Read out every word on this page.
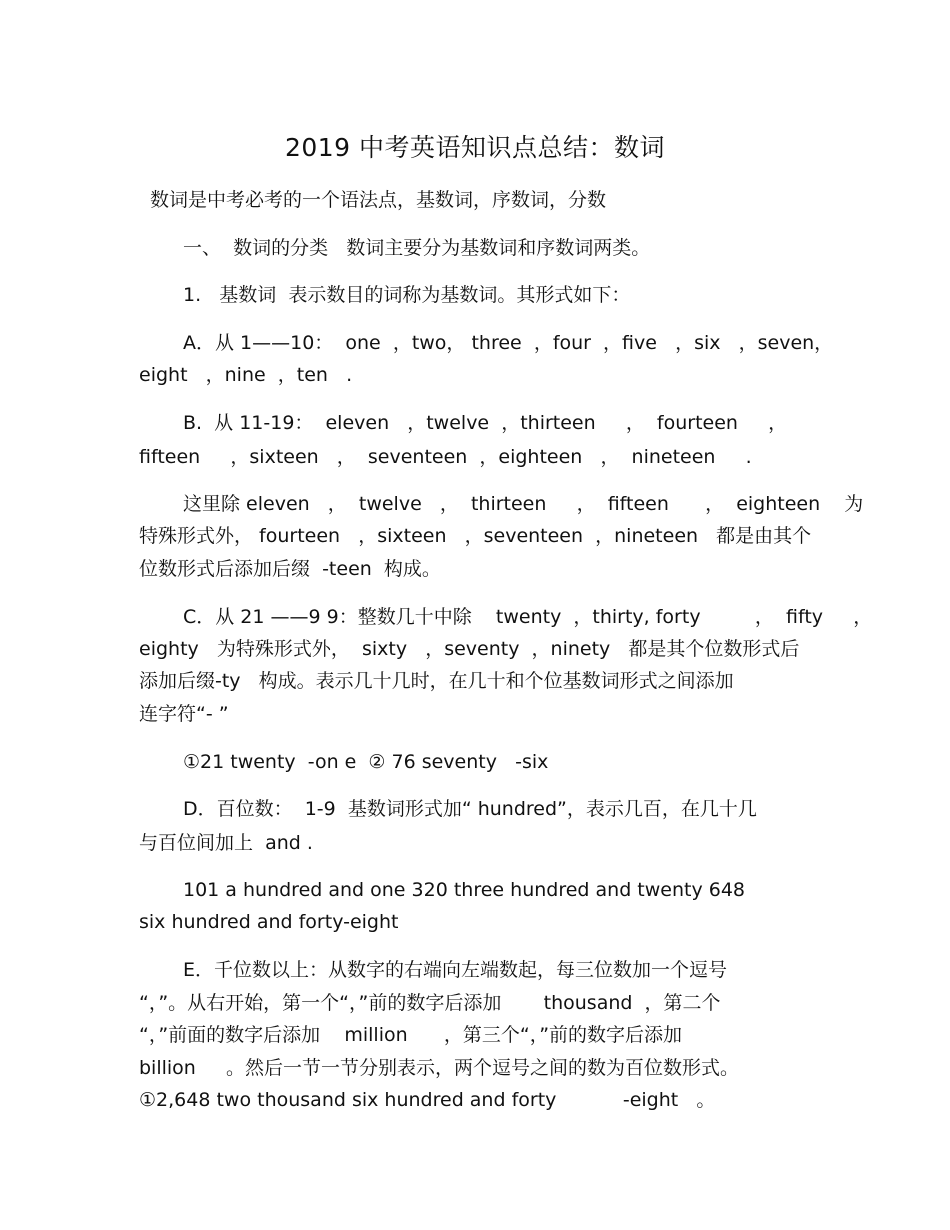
2019 中考英语知识点总结：数词
数词是中考必考的一个语法点，基数词，序数词，分数
一、  数词的分类   数词主要分为基数词和序数词两类。
1.   基数词  表示数目的词称为基数词。其形式如下：
A．从 1——10：  one  ，two， three  ，four  ，five   ，six   ，seven，
eight   ，nine  ，ten   .
B.  从 11-19：  eleven   ，twelve  ，thirteen     ，  fourteen     ，
fifteen     ，sixteen   ，  seventeen  ，eighteen   ，  nineteen     .
这里除 eleven   ，  twelve   ，  thirteen     ，  fifteen      ，  eighteen    为
特殊形式外， fourteen   ，sixteen   ，seventeen  ，nineteen   都是由其个
位数形式后添加后缀  -teen  构成。
C．从 21 ——9 9：整数几十中除    twenty  ，thirty, forty         ，  fifty     ，
eighty   为特殊形式外，  sixty   ，seventy  ，ninety   都是其个位数形式后
添加后缀-ty   构成。表示几十几时，在几十和个位基数词形式之间添加
连字符“- ”
①21 twenty  -on e  ② 76 seventy   -six
D．百位数：  1-9  基数词形式加“ hundred”，表示几百，在几十几
与百位间加上  and .
101 a hundred and one 320 three hundred and twenty 648
six hundred and forty-eight
E．千位数以上：从数字的右端向左端数起，每三位数加一个逗号
“，”。从右开始，第一个“，”前的数字后添加       thousand  ，第二个
“，”前面的数字后添加    million      ，第三个“，”前的数字后添加
billion     。然后一节一节分别表示，两个逗号之间的数为百位数形式。
①2,648 two thousand six hundred and forty           -eight   。
